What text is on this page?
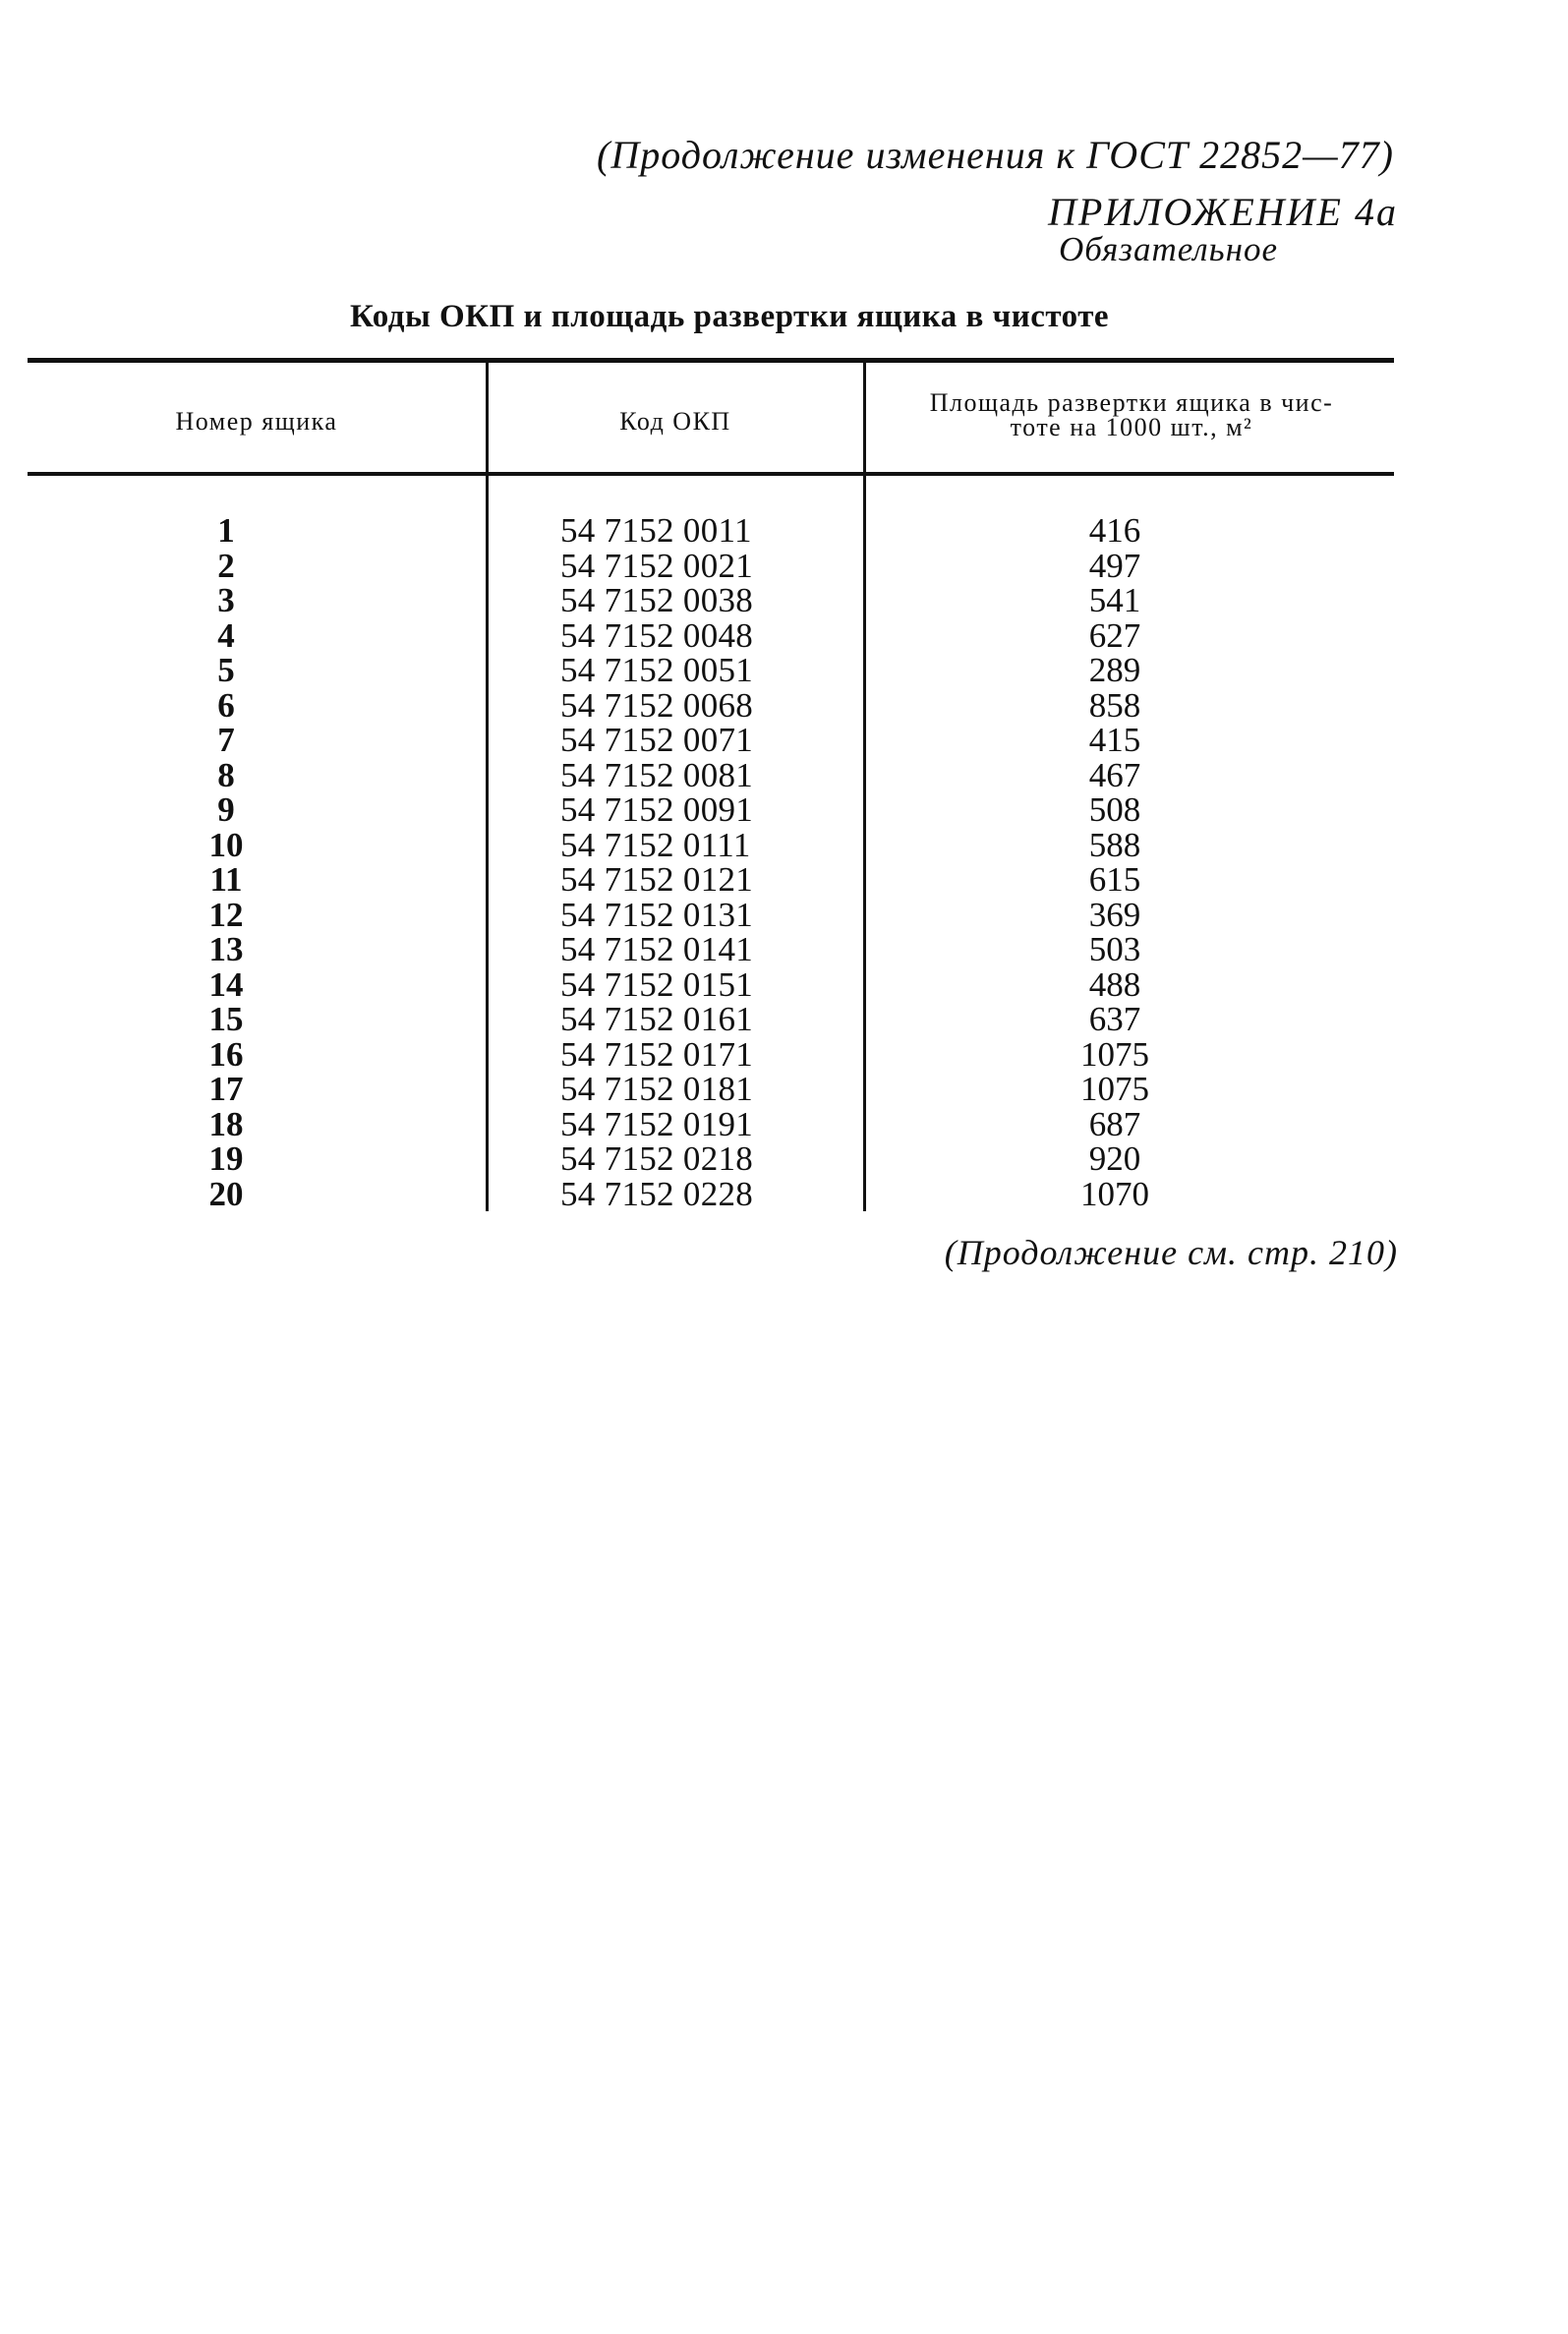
(Продолжение изменения к ГОСТ 22852—77)
ПРИЛОЖЕНИЕ 4а
Обязательное
Коды ОКП и площадь развертки ящика в чистоте
Номер ящика	Код ОКП
Площадь развертки ящика в чис-
тоте на 1000 шт., м²
1	54 7152 0011	416
2	54 7152 0021	497
3	54 7152 0038	541
4	54 7152 0048	627
5	54 7152 0051	289
6	54 7152 0068	858
7	54 7152 0071	415
8	54 7152 0081	467
9	54 7152 0091	508
10	54 7152 0111	588
11	54 7152 0121	615
12	54 7152 0131	369
13	54 7152 0141	503
14	54 7152 0151	488
15	54 7152 0161	637
16	54 7152 0171	1075
17	54 7152 0181	1075
18	54 7152 0191	687
19	54 7152 0218	920
20	54 7152 0228	1070
(Продолжение см. стр. 210)
